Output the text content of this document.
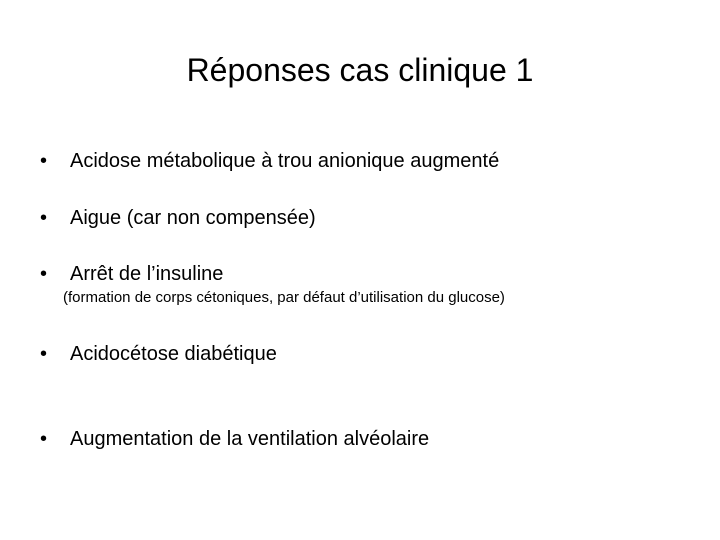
Réponses cas clinique 1
• Acidose métabolique à trou anionique augmenté
• Aigue (car non compensée)
• Arrêt de l’insuline
(formation de corps cétoniques, par défaut d’utilisation du glucose)
• Acidocétose diabétique
• Augmentation de la ventilation alvéolaire
